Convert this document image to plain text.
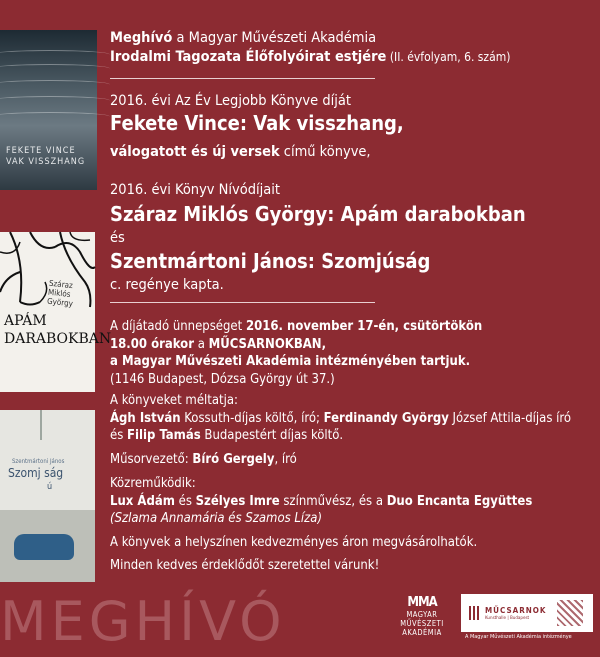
FEKETE VINCE
VAK VISSZHANG
Száraz
Miklós
György
APÁM
DARABOKBAN
Szentmártoni János
Szomj ság
ú
Meghívó a Magyar Művészeti Akadémia
Irodalmi Tagozata Élőfolyóirat estjére (II. évfolyam, 6. szám)
2016. évi Az Év Legjobb Könyve díját
Fekete Vince: Vak visszhang,
válogatott és új versek című könyve,
2016. évi Könyv Nívódíjait
Száraz Miklós György: Apám darabokban
és
Szentmártoni János: Szomjúság
c. regénye kapta.
A díjátadó ünnepséget 2016. november 17-én, csütörtökön
18.00 órakor a MŰCSARNOKBAN,
a Magyar Művészeti Akadémia intézményében tartjuk.
(1146 Budapest, Dózsa György út 37.)
A könyveket méltatja:
Ágh István Kossuth-díjas költő, író; Ferdinandy György József Attila-díjas író
és Filip Tamás Budapestért díjas költő.
Műsorvezető: Bíró Gergely, író
Közreműködik:
Lux Ádám és Szélyes Imre színművész, és a Duo Encanta Együttes
(Szlama Annamária és Szamos Líza)
A könyvek a helyszínen kedvezményes áron megvásárolhatók.
Minden kedves érdeklődőt szeretettel várunk!
MEGHÍVÓ	MMA
MAGYAR
MŰVÉSZETI
AKADÉMIA
MŰCSARNOK
Kunsthalle | Budapest
A Magyar Művészeti Akadémia intézménye
